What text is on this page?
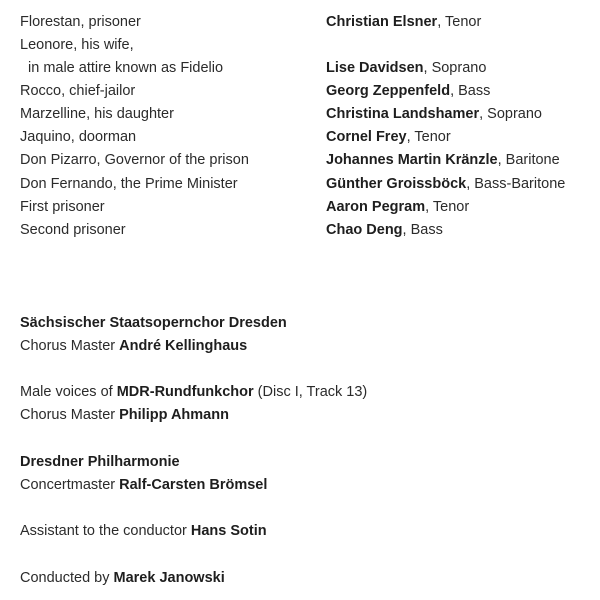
Florestan, prisoner	Christian Elsner, Tenor
Leonore, his wife,
in male attire known as Fidelio	Lise Davidsen, Soprano
Rocco, chief-jailor	Georg Zeppenfeld, Bass
Marzelline, his daughter	Christina Landshamer, Soprano
Jaquino, doorman	Cornel Frey, Tenor
Don Pizarro, Governor of the prison	Johannes Martin Kränzle, Baritone
Don Fernando, the Prime Minister	Günther Groissböck, Bass-Baritone
First prisoner	Aaron Pegram, Tenor
Second prisoner	Chao Deng, Bass
Sächsischer Staatsopernchor Dresden
Chorus Master André Kellinghaus
Male voices of MDR-Rundfunkchor (Disc I, Track 13)
Chorus Master Philipp Ahmann
Dresdner Philharmonie
Concertmaster Ralf-Carsten Brömsel
Assistant to the conductor Hans Sotin
Conducted by Marek Janowski
